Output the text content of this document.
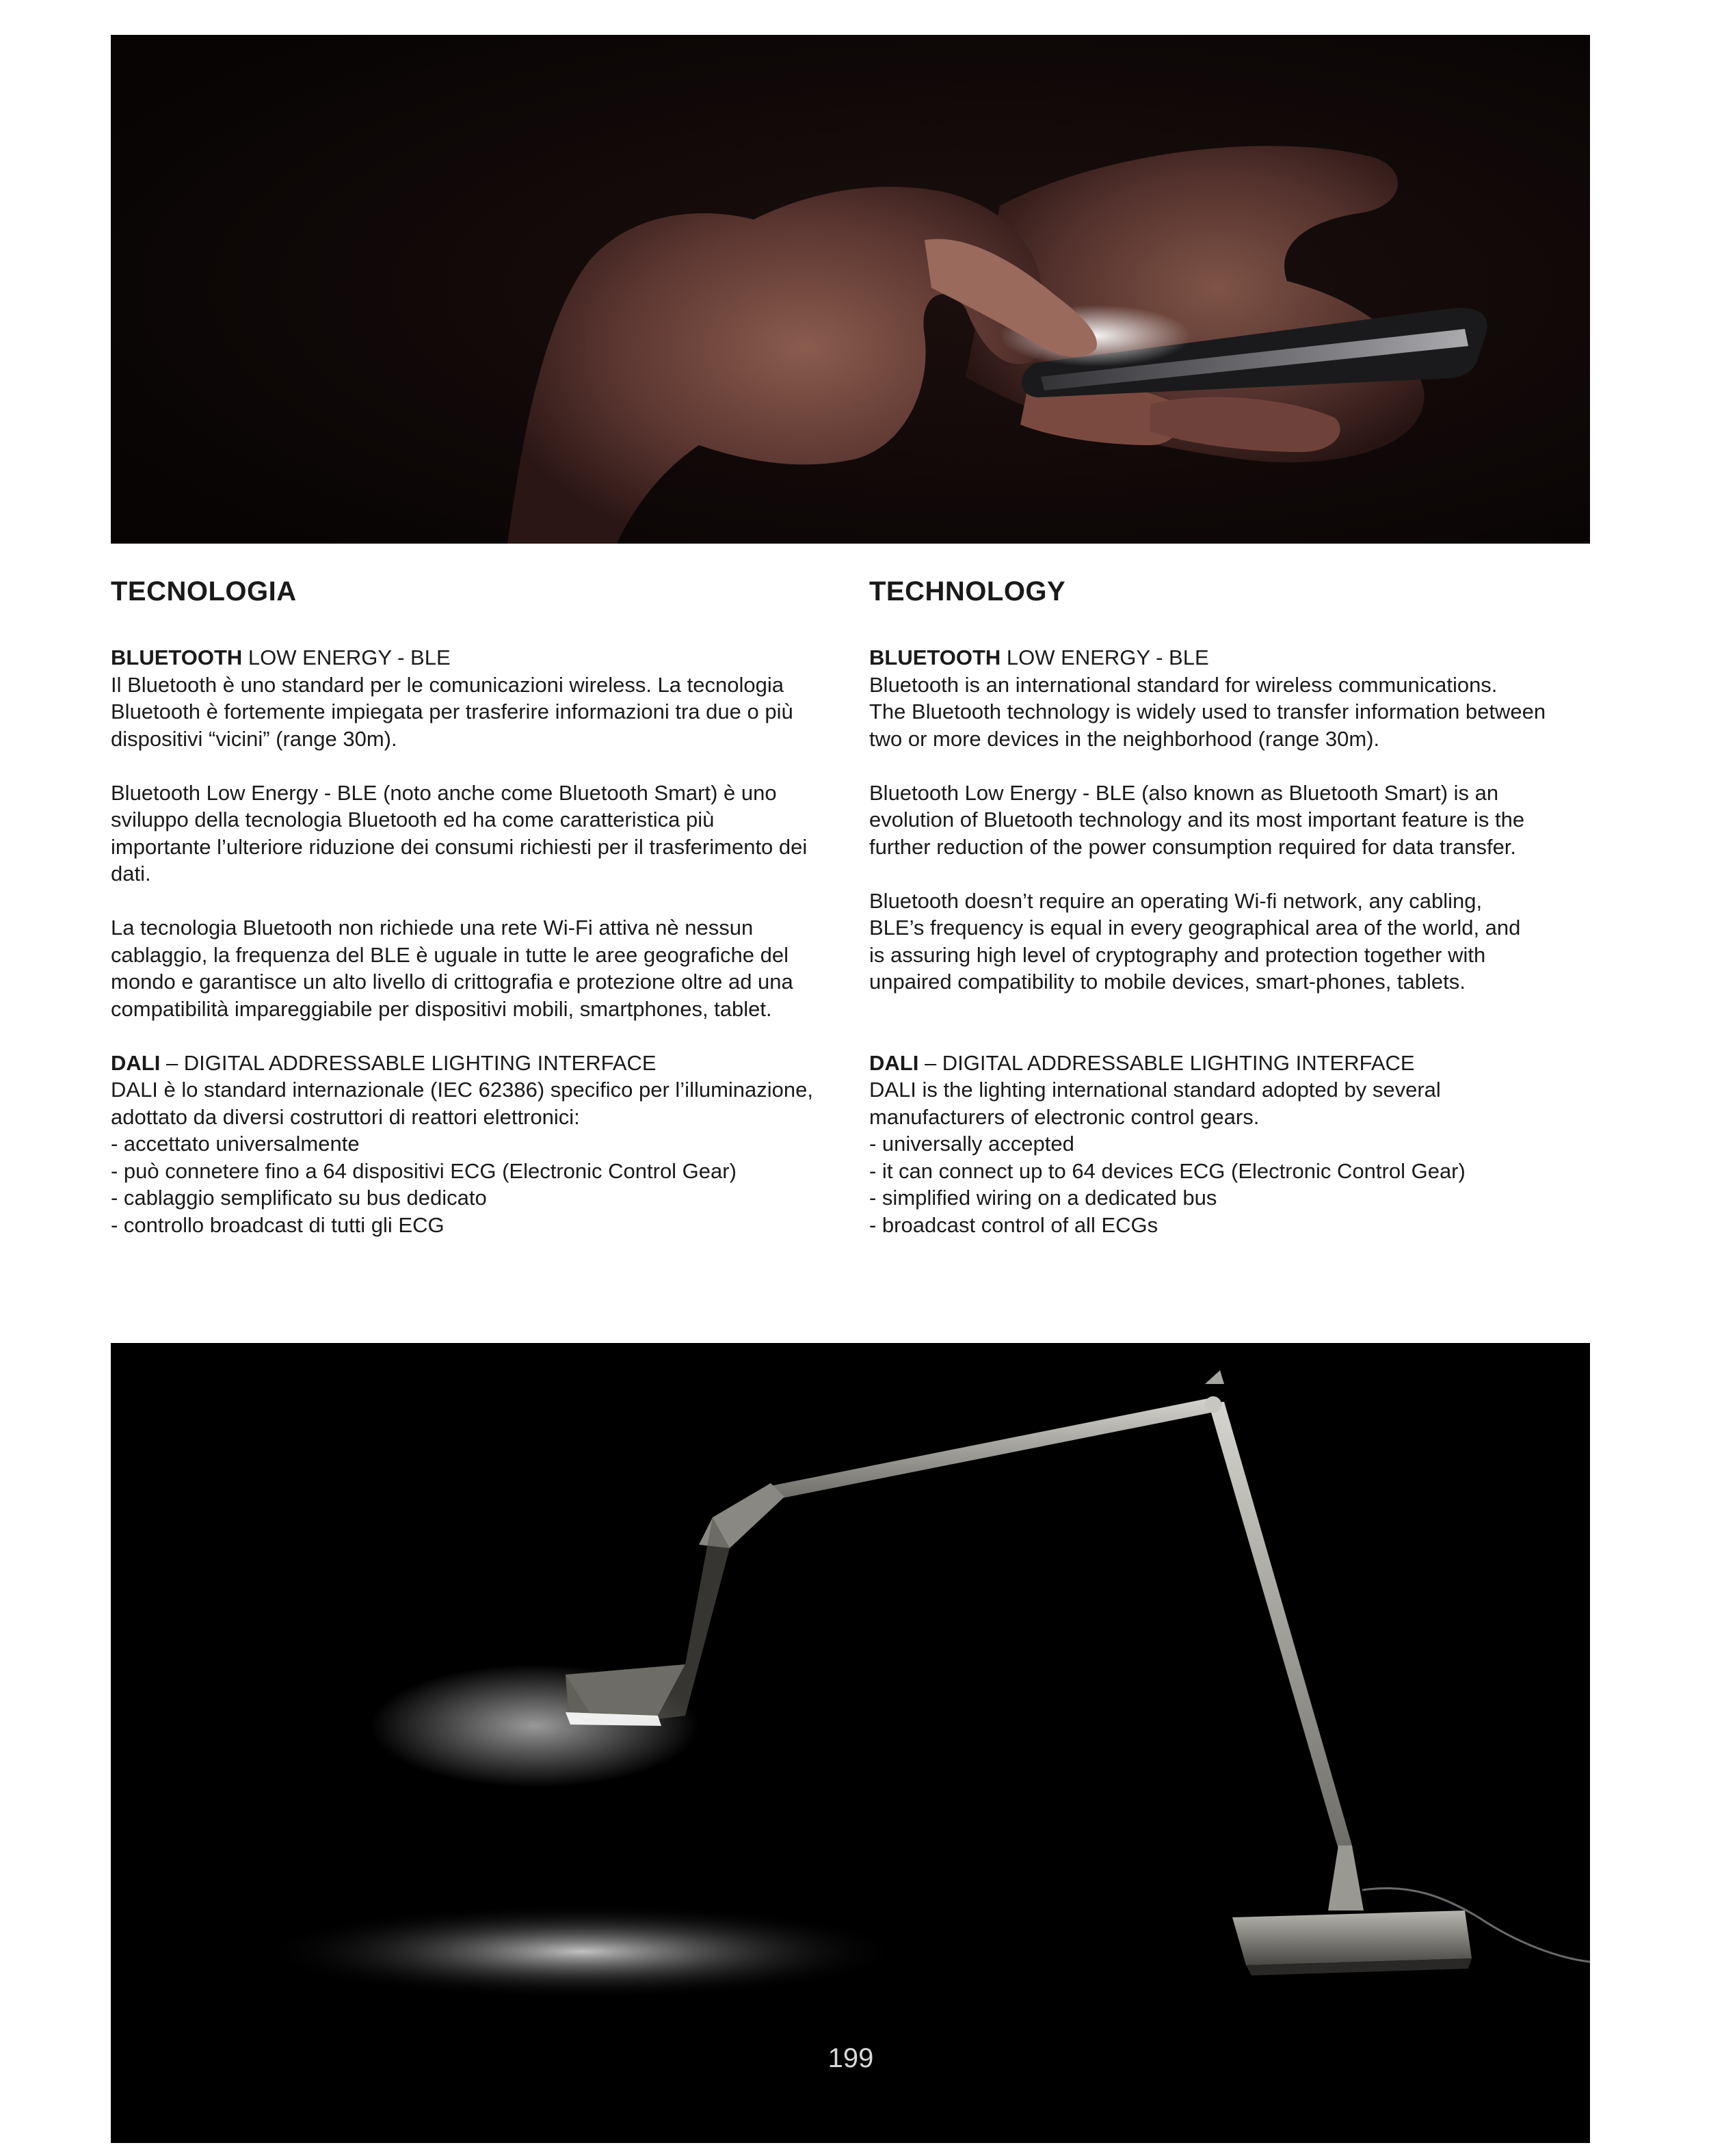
TECNOLOGIA

BLUETOOTH LOW ENERGY - BLE

Il Bluetooth è uno standard per le comunicazioni wireless. La tecnologia
Bluetooth è fortemente impiegata per trasferire informazioni tra due o più
dispositivi “vicini” (range 30m).

Bluetooth Low Energy - BLE (noto anche come Bluetooth Smart) è uno
sviluppo della tecnologia Bluetooth ed ha come caratteristica più
importante l’ulteriore riduzione dei consumi richiesti per il trasferimento dei
dati.

La tecnologia Bluetooth non richiede una rete Wi-Fi attiva nè nessun
cablaggio, la frequenza del BLE è uguale in tutte le aree geografiche del
mondo e garantisce un alto livello di crittografia e protezione oltre ad una
compatibilità impareggiabile per dispositivi mobili, smartphones, tablet.

DALI – DIGITAL ADDRESSABLE LIGHTING INTERFACE

DALI è lo standard internazionale (IEC 62386) specifico per l’illuminazione,
adottato da diversi costruttori di reattori elettronici:
- accettato universalmente
- può connetere fino a 64 dispositivi ECG (Electronic Control Gear)
- cablaggio semplificato su bus dedicato
- controllo broadcast di tutti gli ECG

TECHNOLOGY

BLUETOOTH LOW ENERGY - BLE

Bluetooth is an international standard for wireless communications.
The Bluetooth technology is widely used to transfer information between
two or more devices in the neighborhood (range 30m).

Bluetooth Low Energy - BLE (also known as Bluetooth Smart) is an
evolution of Bluetooth technology and its most important feature is the
further reduction of the power consumption required for data transfer.

Bluetooth doesn’t require an operating Wi-fi network, any cabling,
BLE’s frequency is equal in every geographical area of the world, and
is assuring high level of cryptography and protection together with
unpaired compatibility to mobile devices, smart-phones, tablets.

DALI – DIGITAL ADDRESSABLE LIGHTING INTERFACE

DALI is the lighting international standard adopted by several
manufacturers of electronic control gears.
- universally accepted
- it can connect up to 64 devices ECG (Electronic Control Gear)
- simplified wiring on a dedicated bus
- broadcast control of all ECGs

199
